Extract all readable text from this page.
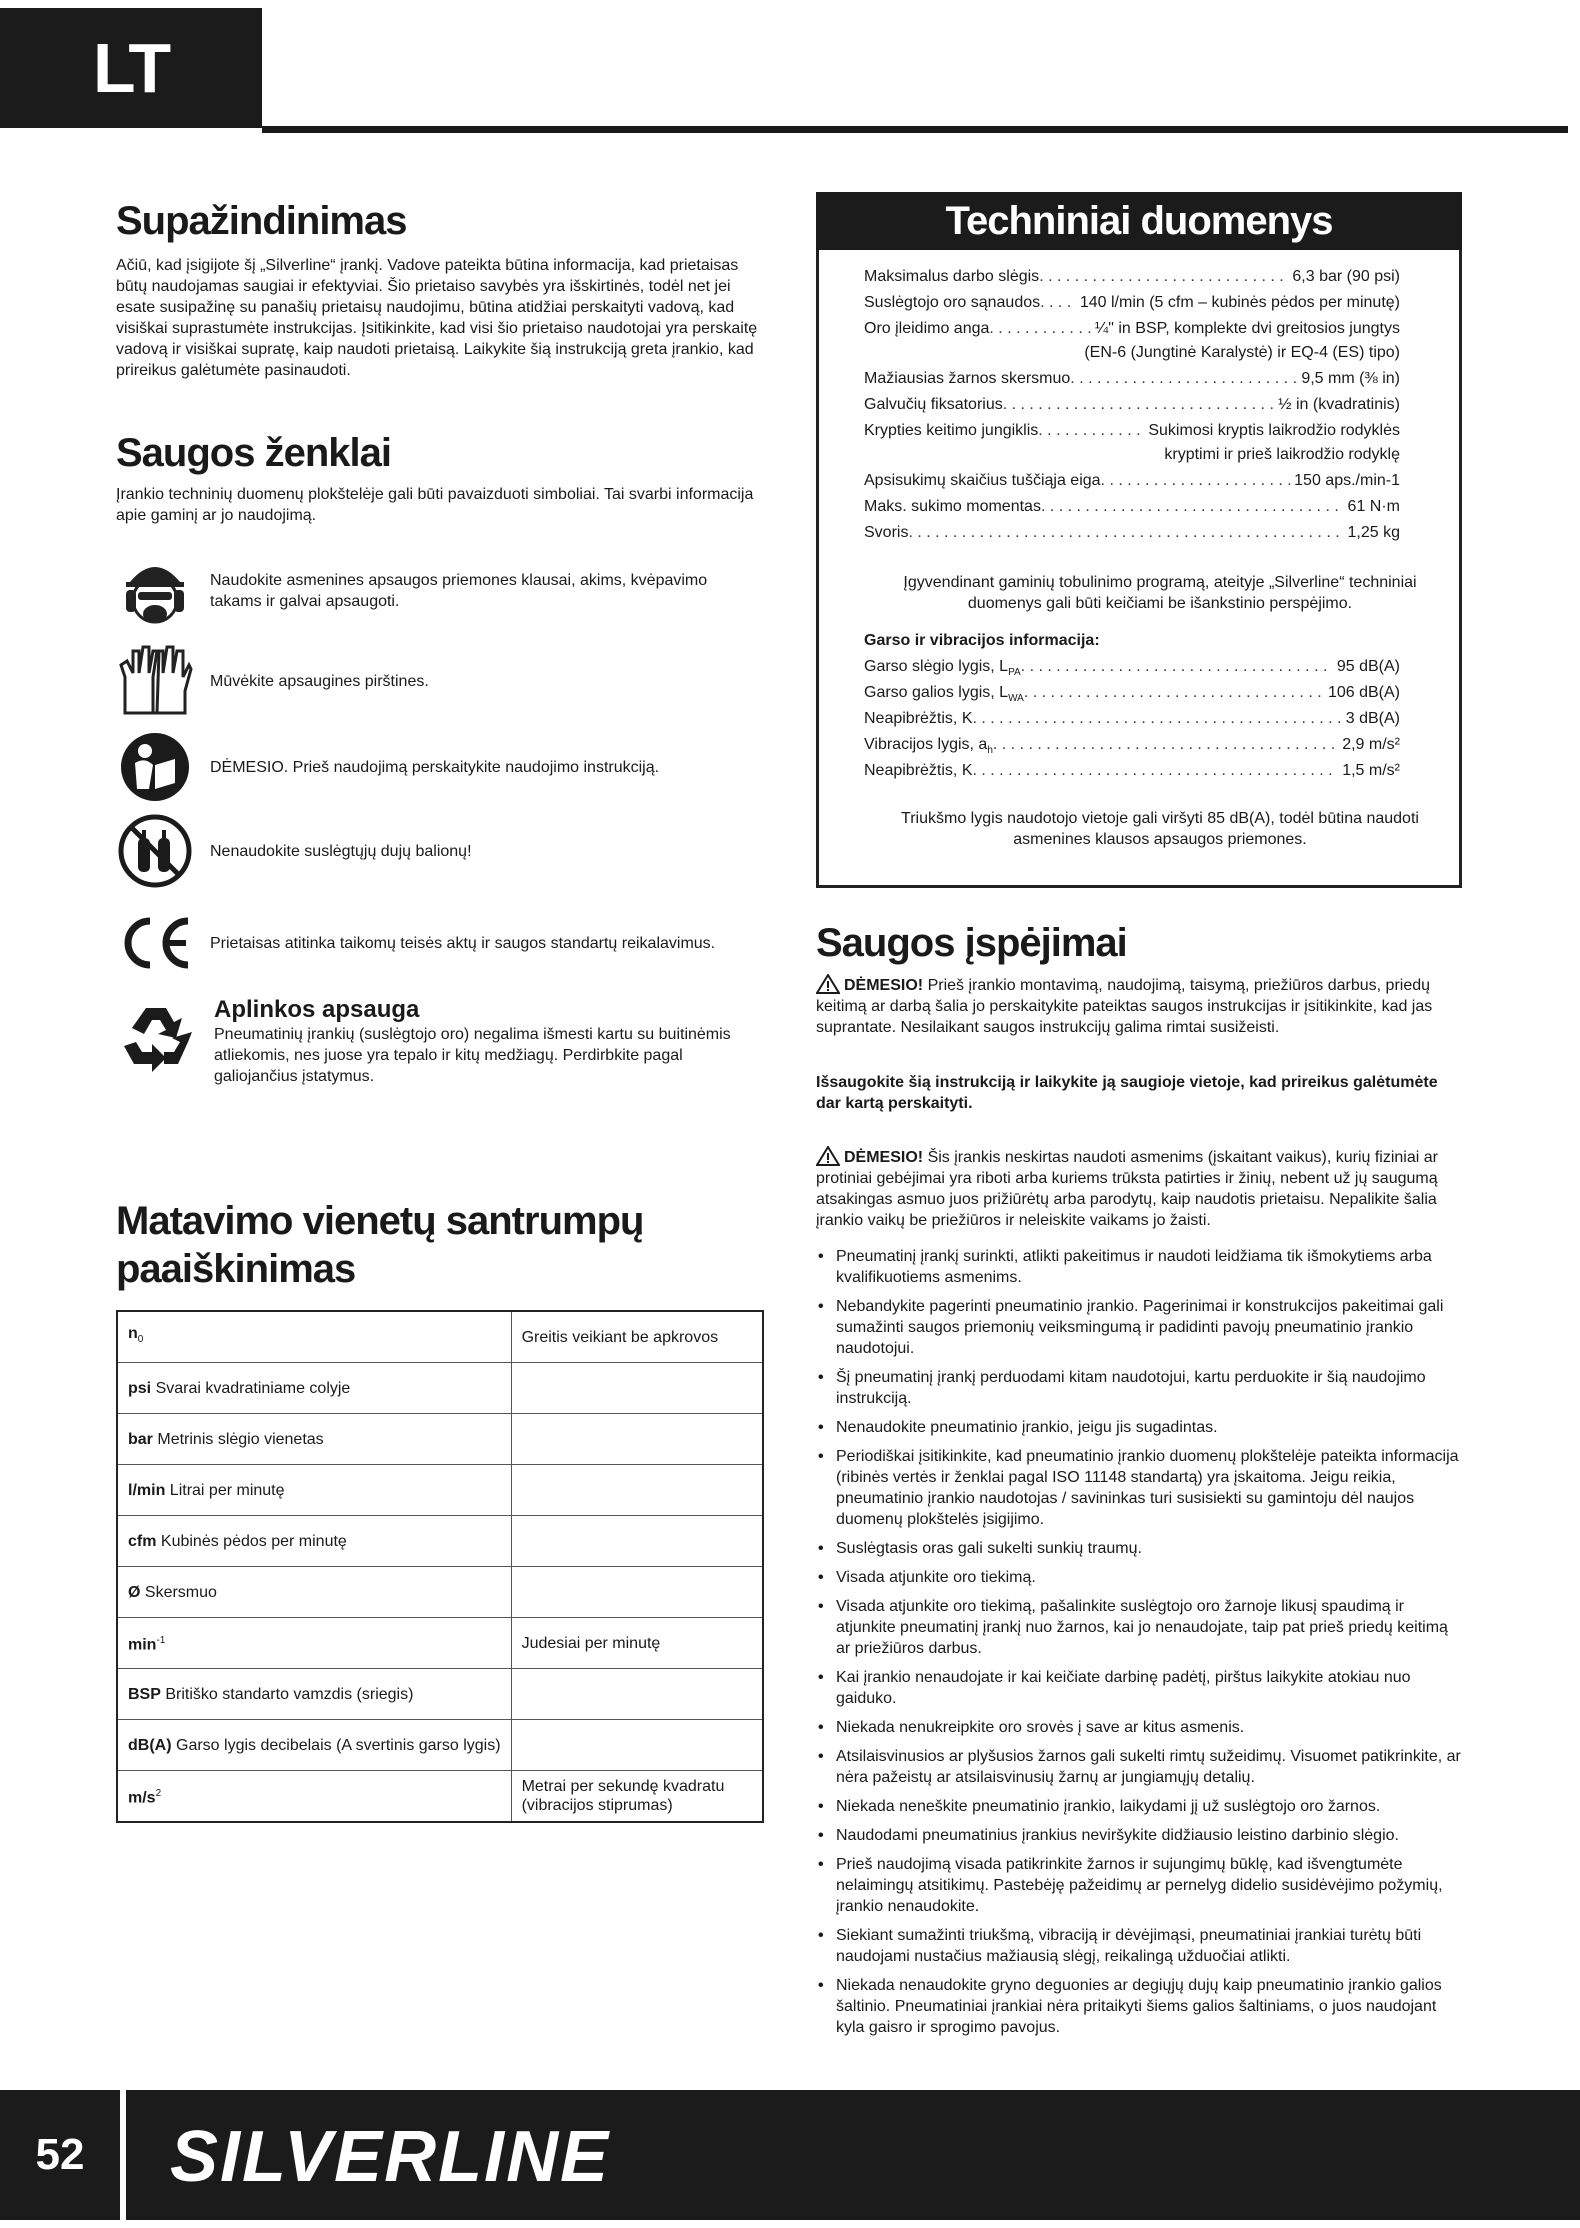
LT
Supažindinimas

Ačiū, kad įsigijote šį „Silverline“ įrankį. Vadove pateikta būtina informacija, kad prietaisas būtų naudojamas saugiai ir efektyviai. Šio prietaiso savybės yra išskirtinės, todėl net jei esate susipažinę su panašių prietaisų naudojimu, būtina atidžiai perskaityti vadovą, kad visiškai suprastumėte instrukcijas. Įsitikinkite, kad visi šio prietaiso naudotojai yra perskaitę vadovą ir visiškai supratę, kaip naudoti prietaisą. Laikykite šią instrukciją greta įrankio, kad prireikus galėtumėte pasinaudoti.

Saugos ženklai

Įrankio techninių duomenų plokštelėje gali būti pavaizduoti simboliai. Tai svarbi informacija apie gaminį ar jo naudojimą.

Naudokite asmenines apsaugos priemones klausai, akims, kvėpavimo takams ir galvai apsaugoti.
Mūvėkite apsaugines pirštines.
DĖMESIO. Prieš naudojimą perskaitykite naudojimo instrukciją.
Nenaudokite suslėgtųjų dujų balionų!
Prietaisas atitinka taikomų teisės aktų ir saugos standartų reikalavimus.
Aplinkos apsauga

Pneumatinių įrankių (suslėgtojo oro) negalima išmesti kartu su buitinėmis atliekomis, nes juose yra tepalo ir kitų medžiagų. Perdirbkite pagal galiojančius įstatymus.

Matavimo vienetų santrumpų
paaiškinimas
$n_0$	Greitis veikiant be apkrovos
psi Svarai kvadratiniame colyje	
bar Metrinis slėgio vienetas	
l/min Litrai per minutę	
cfm Kubinės pėdos per minutę	
Ø Skersmuo	
$\min^{-1}$	Judesiai per minutę
BSP Britiško standarto vamzdis (sriegis)	
dB(A) Garso lygis decibelais (A svertinis garso lygis)	
$m/s^2$	Metrai per sekundę kvadratu (vibracijos stiprumas)
Techniniai duomenys
Maksimalus darbo slėgis . . .	6,3 bar (90 psi)
Suslėgtojo oro sąnaudos . . . 140 l/min (5 cfm – kubinės pėdos per minutę)
Oro įleidimo anga . . .	¼" in BSP, komplekte dvi greitosios jungtys
(EN-6 (Jungtinė Karalystė) ir EQ-4 (ES) tipo)
Mažiausias žarnos skersmuo . . .	9,5 mm (⅜ in)
Galvučių fiksatorius . . .	½ in (kvadratinis)
Krypties keitimo jungiklis . . .	Sukimosi kryptis laikrodžio rodyklės
kryptimi ir prieš laikrodžio rodyklę
Apsisukimų skaičius tuščiąja eiga . . .	150 aps./min-1
Maks. sukimo momentas . . .	61 N·m
Svoris . . .	1,25 kg
Įgyvendinant gaminių tobulinimo programą, ateityje „Silverline“ techniniai duomenys gali būti keičiami be išankstinio perspėjimo.
Garso ir vibracijos informacija:
Garso slėgio lygis, $L_{PA}$ . . .	95 dB(A)
Garso galios lygis, $L_{WA}$ . . .	106 dB(A)
Neapibrėžtis, K . . .	3 dB(A)
Vibracijos lygis, $a_h$ . . .	2,9 m/s²
Neapibrėžtis, K . . .	1,5 m/s²
Triukšmo lygis naudotojo vietoje gali viršyti 85 dB(A), todėl būtina naudoti asmenines klausos apsaugos priemones.
Saugos įspėjimai

DĖMESIO! Prieš įrankio montavimą, naudojimą, taisymą, priežiūros darbus, priedų keitimą ar darbą šalia jo perskaitykite pateiktas saugos instrukcijas ir įsitikinkite, kad jas suprantate. Nesilaikant saugos instrukcijų galima rimtai susižeisti.

Išsaugokite šią instrukciją ir laikykite ją saugioje vietoje, kad prireikus galėtumėte dar kartą perskaityti.

DĖMESIO! Šis įrankis neskirtas naudoti asmenims (įskaitant vaikus), kurių fiziniai ar protiniai gebėjimai yra riboti arba kuriems trūksta patirties ir žinių, nebent už jų saugumą atsakingas asmuo juos prižiūrėtų arba parodytų, kaip naudotis prietaisu. Nepalikite šalia įrankio vaikų be priežiūros ir neleiskite vaikams jo žaisti.

• Pneumatinį įrankį surinkti, atlikti pakeitimus ir naudoti leidžiama tik išmokytiems arba kvalifikuotiems asmenims.
• Nebandykite pagerinti pneumatinio įrankio. Pagerinimai ir konstrukcijos pakeitimai gali sumažinti saugos priemonių veiksmingumą ir padidinti pavojų pneumatinio įrankio naudotojui.
• Šį pneumatinį įrankį perduodami kitam naudotojui, kartu perduokite ir šią naudojimo instrukciją.
• Nenaudokite pneumatinio įrankio, jeigu jis sugadintas.
• Periodiškai įsitikinkite, kad pneumatinio įrankio duomenų plokštelėje pateikta informacija (ribinės vertės ir ženklai pagal ISO 11148 standartą) yra įskaitoma. Jeigu reikia, pneumatinio įrankio naudotojas / savininkas turi susisiekti su gamintoju dėl naujos duomenų plokštelės įsigijimo.
• Suslėgtasis oras gali sukelti sunkių traumų.
• Visada atjunkite oro tiekimą.
• Visada atjunkite oro tiekimą, pašalinkite suslėgtojo oro žarnoje likusį spaudimą ir atjunkite pneumatinį įrankį nuo žarnos, kai jo nenaudojate, taip pat prieš priedų keitimą ar priežiūros darbus.
• Kai įrankio nenaudojate ir kai keičiate darbinę padėtį, pirštus laikykite atokiau nuo gaiduko.
• Niekada nenukreipkite oro srovės į save ar kitus asmenis.
• Atsilaisvinusios ar plyšusios žarnos gali sukelti rimtų sužeidimų. Visuomet patikrinkite, ar nėra pažeistų ar atsilaisvinusių žarnų ar jungiamųjų detalių.
• Niekada neneškite pneumatinio įrankio, laikydami jį už suslėgtojo oro žarnos.
• Naudodami pneumatinius įrankius neviršykite didžiausio leistino darbinio slėgio.
• Prieš naudojimą visada patikrinkite žarnos ir sujungimų būklę, kad išvengtumėte nelaimingų atsitikimų. Pastebėję pažeidimų ar pernelyg didelio susidėvėjimo požymių, įrankio nenaudokite.
• Siekiant sumažinti triukšmą, vibraciją ir dėvėjimąsi, pneumatiniai įrankiai turėtų būti naudojami nustačius mažiausią slėgį, reikalingą užduočiai atlikti.
• Niekada nenaudokite gryno deguonies ar degiųjų dujų kaip pneumatinio įrankio galios šaltinio. Pneumatiniai įrankiai nėra pritaikyti šiems galios šaltiniams, o juos naudojant kyla gaisro ir sprogimo pavojus.
52	SILVERLINE
